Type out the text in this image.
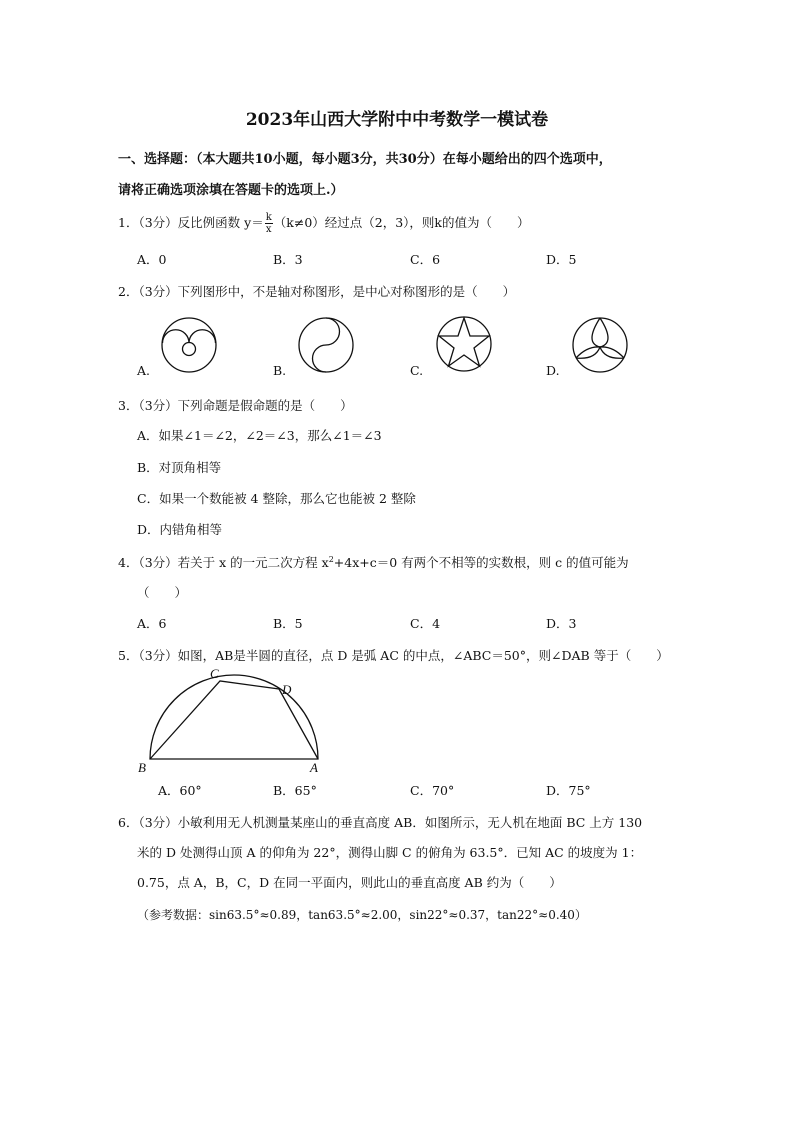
2023年山西大学附中中考数学一模试卷
一、选择题：（本大题共10小题，每小题3分，共30分）在每小题给出的四个选项中，
请将正确选项涂填在答题卡的选项上.）
1．（3分）反比例函数 $y= \frac{k}{x} (k\ne 0)$经过点（2，3），则k的值为（　　）
A．0	B．3	C．6	D．5
2．（3分）下列图形中，不是轴对称图形，是中心对称图形的是（　　）
A.	B.	C.	D.
3．（3分）下列命题是假命题的是（　　）
A．如果∠1＝∠2，∠2＝∠3，那么∠1＝∠3
B．对顶角相等
C．如果一个数能被 4 整除，那么它也能被 2 整除
D．内错角相等
4．（3分）若关于 x 的一元二次方程 $x^2+4x+c=0$ 有两个不相等的实数根，则 c 的值可能为
（　　）
A．6	B．5	C．4	D．3
5．（3分）如图，AB是半圆的直径，点 D 是弧 AC 的中点，∠ABC＝50°，则∠DAB 等于（　　）
C
D
B	A
A．60°	B．65°	C．70°	D．75°
6．（3分）小敏利用无人机测量某座山的垂直高度 AB．如图所示，无人机在地面 BC 上方 130
米的 D 处测得山顶 A 的仰角为 22°，测得山脚 C 的俯角为 63.5°．已知 AC 的坡度为 1：
0.75，点 A，B，C，D 在同一平面内，则此山的垂直高度 AB 约为（　　）
（参考数据：sin63.5°≈0.89，tan63.5°≈2.00，sin22°≈0.37，tan22°≈0.40）
